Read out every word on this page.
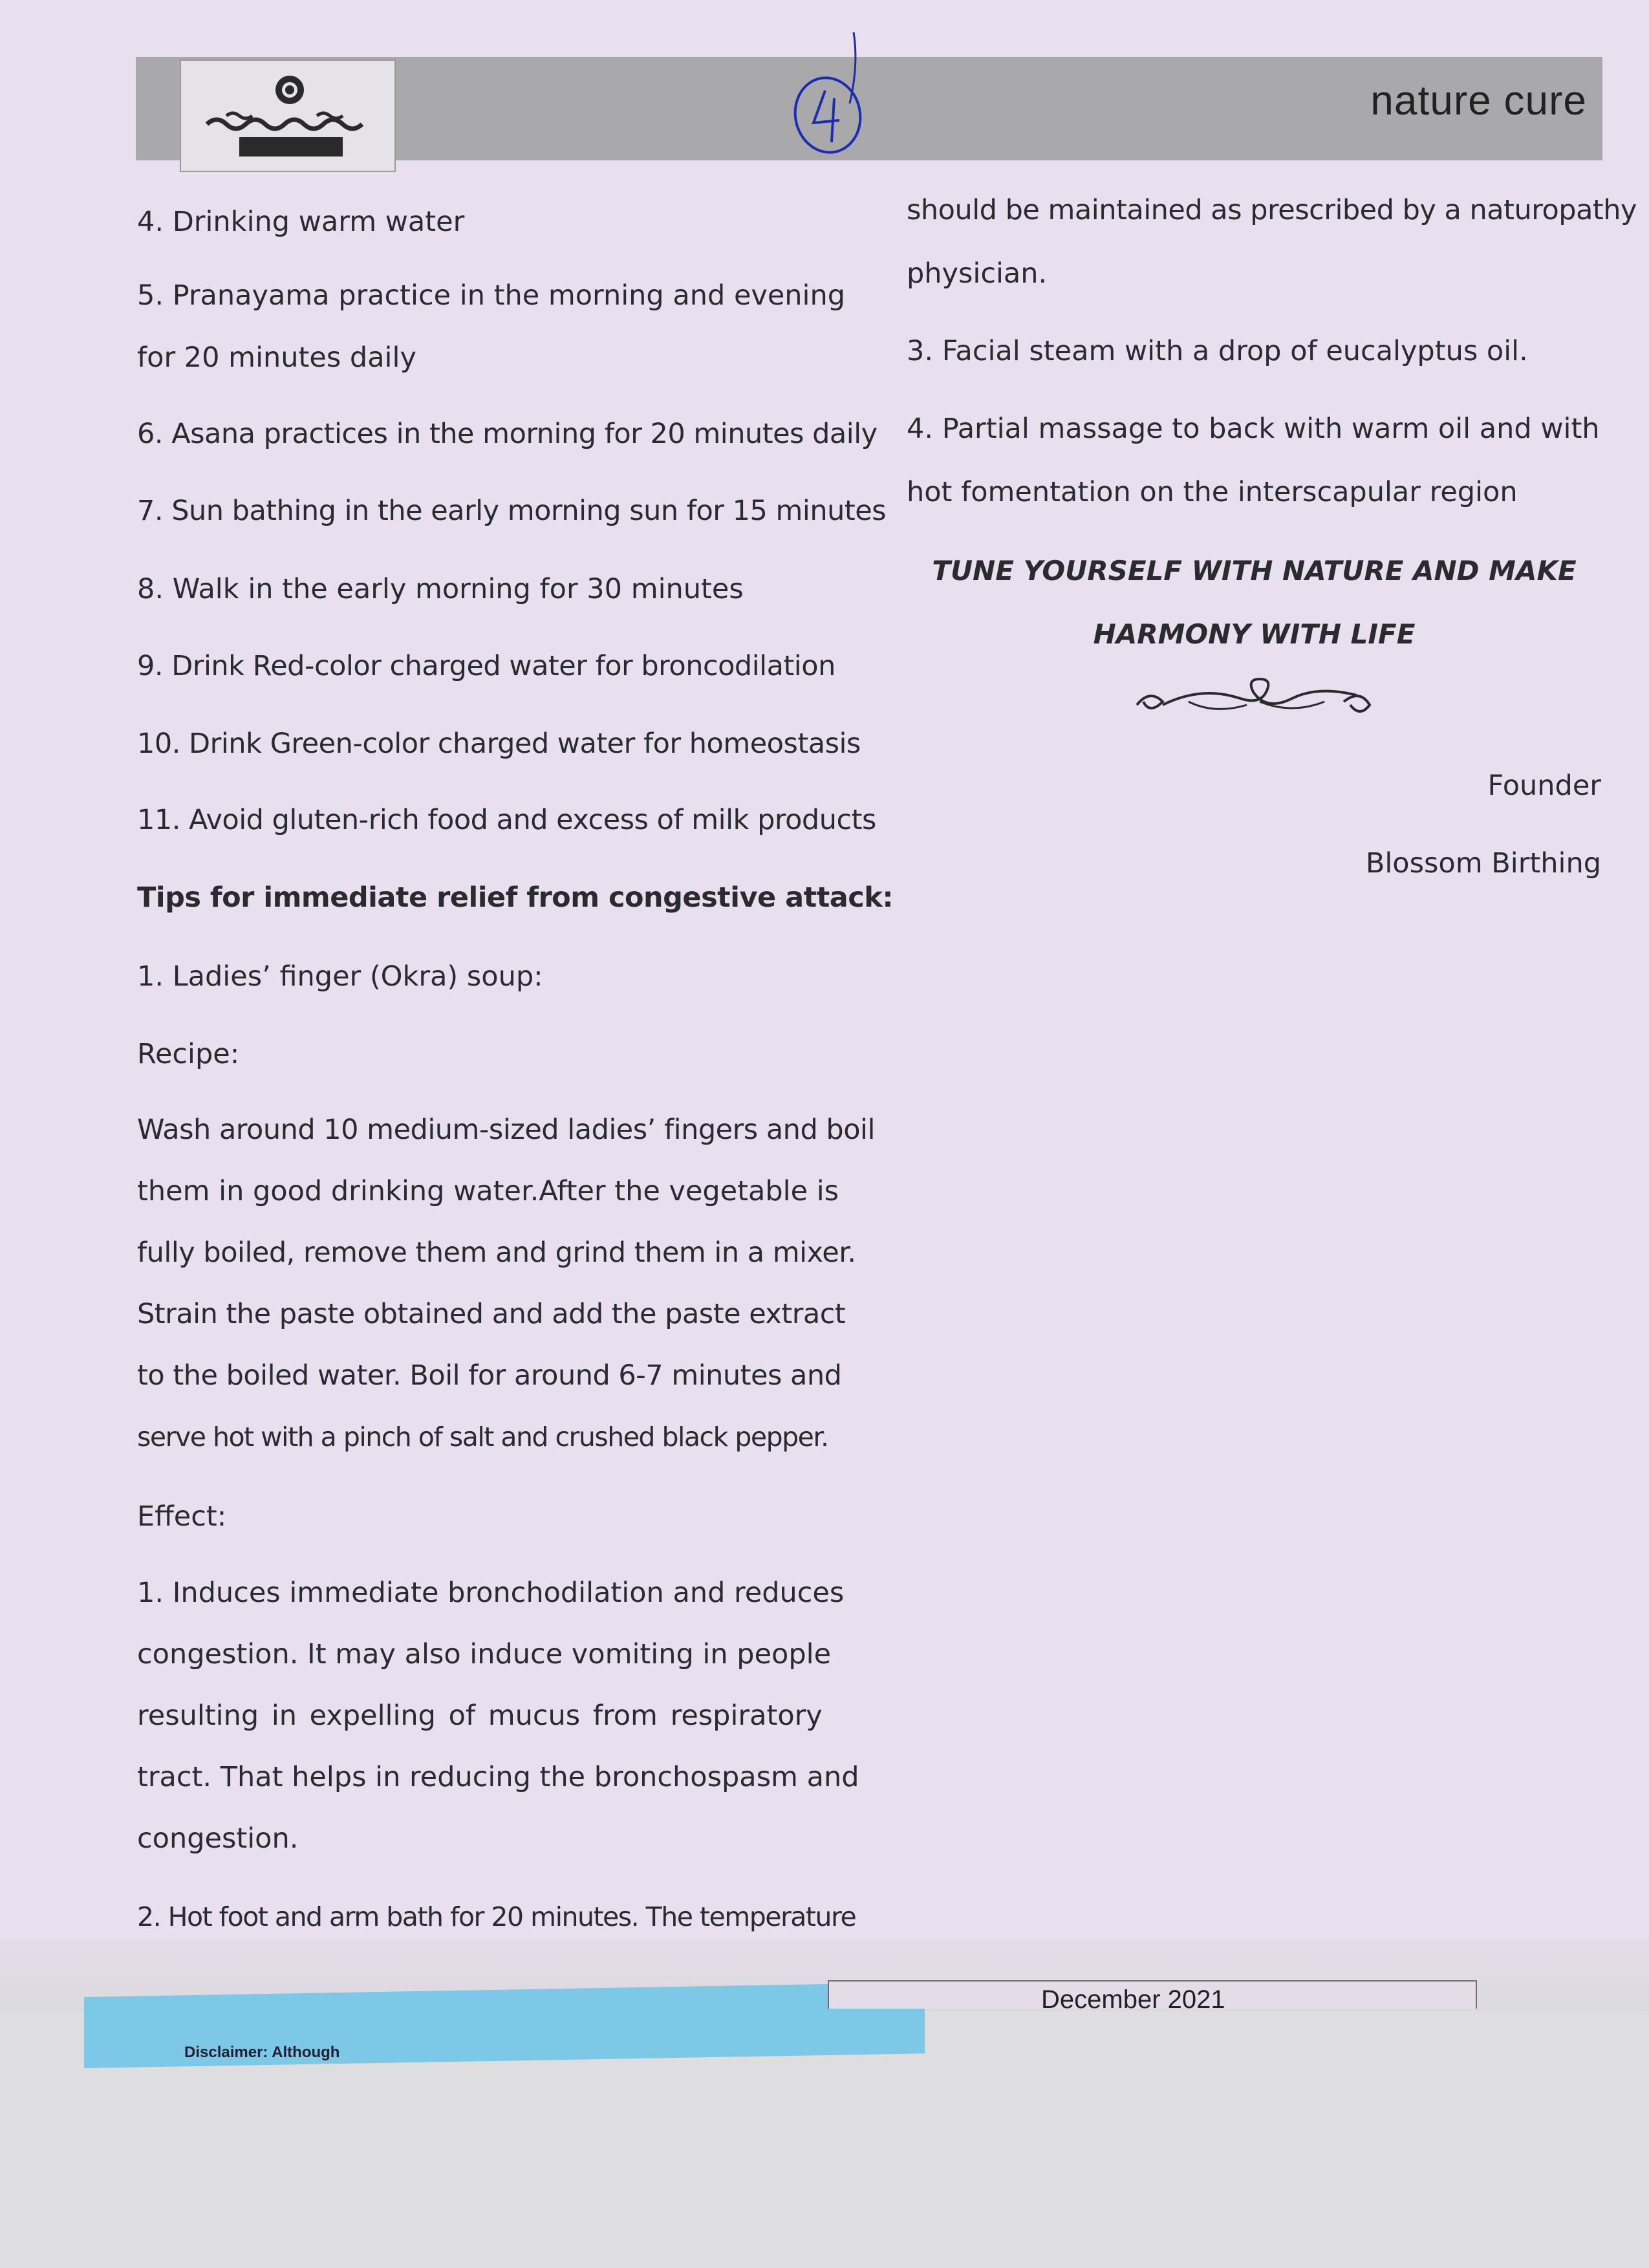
nature cure

4. Drinking warm water

5. Pranayama practice in the morning and evening

for 20 minutes daily

6. Asana practices in the morning for 20 minutes daily

7. Sun bathing in the early morning sun for 15 minutes

8. Walk in the early morning for 30 minutes

9. Drink Red-color charged water for broncodilation

10. Drink Green-color charged water for homeostasis

11. Avoid gluten-rich food and excess of milk products

Tips for immediate relief from congestive attack:

1. Ladies’ finger (Okra) soup:

Recipe:

Wash around 10 medium-sized ladies’ fingers and boil

them in good drinking water.After the vegetable is

fully boiled, remove them and grind them in a mixer.

Strain the paste obtained and add the paste extract

to the boiled water. Boil for around 6-7 minutes and

serve hot with a pinch of salt and crushed black pepper.

Effect:

1. Induces immediate bronchodilation and reduces

congestion. It may also induce vomiting in people

resulting in expelling of mucus from respiratory

tract. That helps in reducing the bronchospasm and

congestion.

2. Hot foot and arm bath for 20 minutes. The temperature

should be maintained as prescribed by a naturopathy

physician.

3. Facial steam with a drop of eucalyptus oil.

4. Partial massage to back with warm oil and with

hot fomentation on the interscapular region

TUNE YOURSELF WITH NATURE AND MAKE
HARMONY WITH LIFE
Founder
Blossom Birthing
Disclaimer: Although
December 2021
